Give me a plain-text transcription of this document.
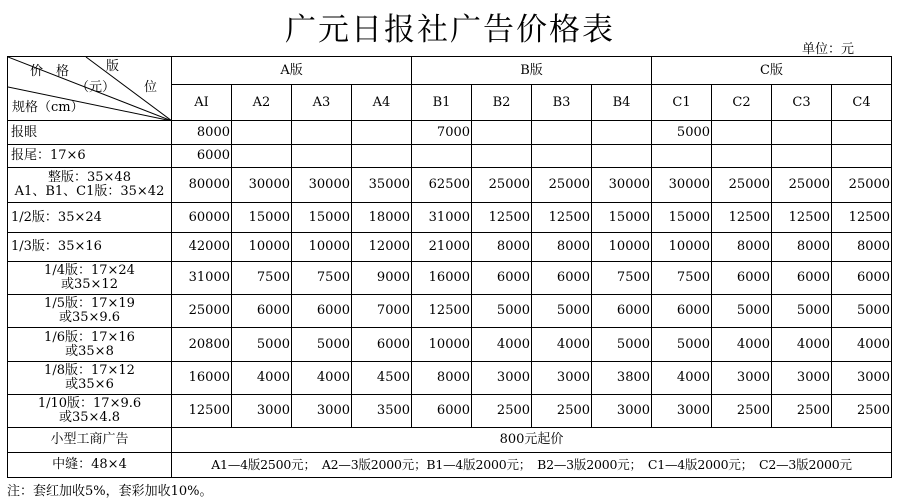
广元日报社广告价格表
单位：元
价　格 版
（元） 位
规格（cm）	A版				B版				C版			
	AI	A2	A3	A4	B1	B2	B3	B4	C1	C2	C3	C4
报眼	8000				7000				5000			
报尾：17×6	6000											

整版：35×48
A1、B1、C1版：35×42	80000	30000	30000	35000	62500	25000	25000	30000	30000	25000	25000	25000
1/2版：35×24	60000	15000	15000	18000	31000	12500	12500	15000	15000	12500	12500	12500
1/3版：35×16	42000	10000	10000	12000	21000	8000	8000	10000	10000	8000	8000	8000

1/4版：17×24
或35×12	31000	7500	7500	9000	16000	6000	6000	7500	7500	6000	6000	6000

1/5版：17×19
或35×9.6	25000	6000	6000	7000	12500	5000	5000	6000	6000	5000	5000	5000

1/6版：17×16
或35×8	20800	5000	5000	6000	10000	4000	4000	5000	5000	4000	4000	4000

1/8版：17×12
或35×6	16000	4000	4000	4500	8000	3000	3000	3800	4000	3000	3000	3000

1/10版：17×9.6
或35×4.8	12500	3000	3000	3500	6000	2500	2500	3000	3000	2500	2500	2500
小型工商广告	800元起价											
中缝：48×4	A1—4版2500元；　A2—3版2000元；B1—4版2000元；　B2—3版2000元；　C1—4版2000元；　C2—3版2000元											
注：套红加收5%，套彩加收10%。
